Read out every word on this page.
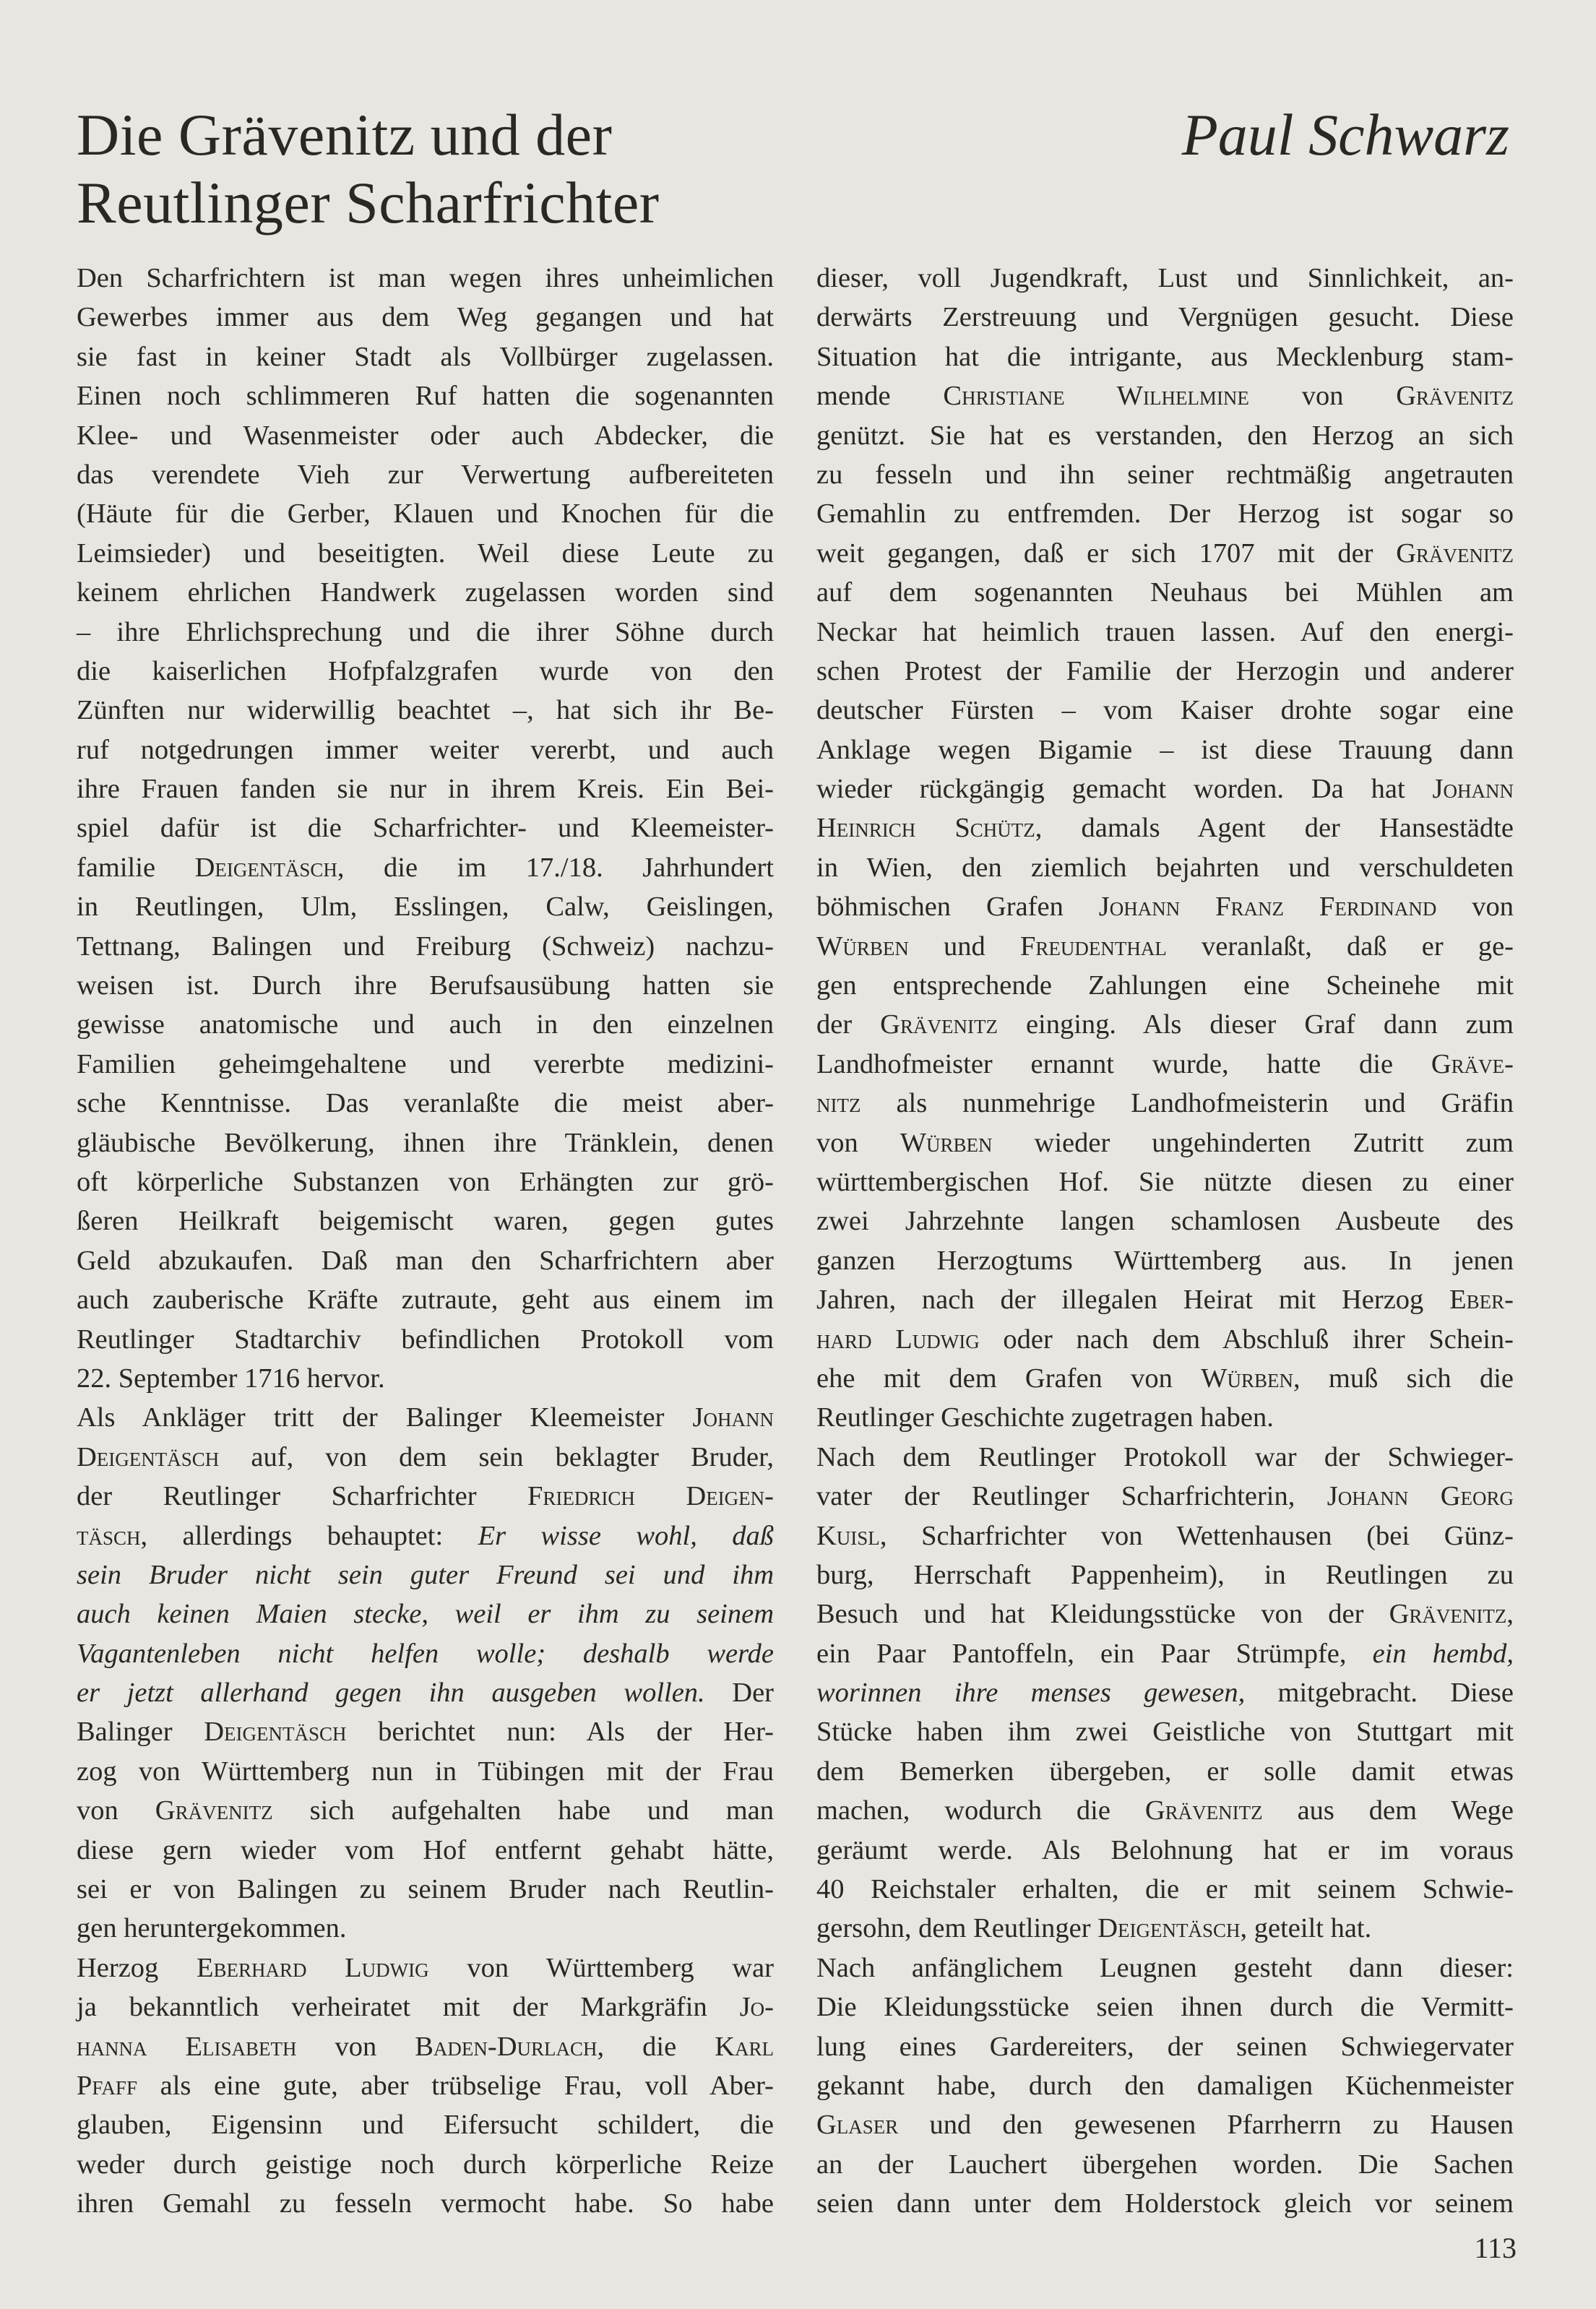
Die Grävenitz und der
Reutlinger Scharfrichter
Paul Schwarz

Den Scharfrichtern ist man wegen ihres unheimlichen

Gewerbes immer aus dem Weg gegangen und hat

sie fast in keiner Stadt als Vollbürger zugelassen.

Einen noch schlimmeren Ruf hatten die sogenannten

Klee- und Wasenmeister oder auch Abdecker, die

das verendete Vieh zur Verwertung aufbereiteten

(Häute für die Gerber, Klauen und Knochen für die

Leimsieder) und beseitigten. Weil diese Leute zu

keinem ehrlichen Handwerk zugelassen worden sind

– ihre Ehrlichsprechung und die ihrer Söhne durch

die kaiserlichen Hofpfalzgrafen wurde von den

Zünften nur widerwillig beachtet –, hat sich ihr Be-

ruf notgedrungen immer weiter vererbt, und auch

ihre Frauen fanden sie nur in ihrem Kreis. Ein Bei-

spiel dafür ist die Scharfrichter- und Kleemeister-

familie Deigentäsch, die im 17./18. Jahrhundert

in Reutlingen, Ulm, Esslingen, Calw, Geislingen,

Tettnang, Balingen und Freiburg (Schweiz) nachzu-

weisen ist. Durch ihre Berufsausübung hatten sie

gewisse anatomische und auch in den einzelnen

Familien geheimgehaltene und vererbte medizini-

sche Kenntnisse. Das veranlaßte die meist aber-

gläubische Bevölkerung, ihnen ihre Tränklein, denen

oft körperliche Substanzen von Erhängten zur grö-

ßeren Heilkraft beigemischt waren, gegen gutes

Geld abzukaufen. Daß man den Scharfrichtern aber

auch zauberische Kräfte zutraute, geht aus einem im

Reutlinger Stadtarchiv befindlichen Protokoll vom

22. September 1716 hervor.

Als Ankläger tritt der Balinger Kleemeister Johann

Deigentäsch auf, von dem sein beklagter Bruder,

der Reutlinger Scharfrichter Friedrich Deigen-

täsch, allerdings behauptet: Er wisse wohl, daß

sein Bruder nicht sein guter Freund sei und ihm

auch keinen Maien stecke, weil er ihm zu seinem

Vagantenleben nicht helfen wolle; deshalb werde

er jetzt allerhand gegen ihn ausgeben wollen. Der

Balinger Deigentäsch berichtet nun: Als der Her-

zog von Württemberg nun in Tübingen mit der Frau

von Grävenitz sich aufgehalten habe und man

diese gern wieder vom Hof entfernt gehabt hätte,

sei er von Balingen zu seinem Bruder nach Reutlin-

gen heruntergekommen.

Herzog Eberhard Ludwig von Württemberg war

ja bekanntlich verheiratet mit der Markgräfin Jo-

hanna Elisabeth von Baden-Durlach, die Karl

Pfaff als eine gute, aber trübselige Frau, voll Aber-

glauben, Eigensinn und Eifersucht schildert, die

weder durch geistige noch durch körperliche Reize

ihren Gemahl zu fesseln vermocht habe. So habe

dieser, voll Jugendkraft, Lust und Sinnlichkeit, an-

derwärts Zerstreuung und Vergnügen gesucht. Diese

Situation hat die intrigante, aus Mecklenburg stam-

mende Christiane Wilhelmine von Grävenitz

genützt. Sie hat es verstanden, den Herzog an sich

zu fesseln und ihn seiner rechtmäßig angetrauten

Gemahlin zu entfremden. Der Herzog ist sogar so

weit gegangen, daß er sich 1707 mit der Grävenitz

auf dem sogenannten Neuhaus bei Mühlen am

Neckar hat heimlich trauen lassen. Auf den energi-

schen Protest der Familie der Herzogin und anderer

deutscher Fürsten – vom Kaiser drohte sogar eine

Anklage wegen Bigamie – ist diese Trauung dann

wieder rückgängig gemacht worden. Da hat Johann

Heinrich Schütz, damals Agent der Hansestädte

in Wien, den ziemlich bejahrten und verschuldeten

böhmischen Grafen Johann Franz Ferdinand von

Würben und Freudenthal veranlaßt, daß er ge-

gen entsprechende Zahlungen eine Scheinehe mit

der Grävenitz einging. Als dieser Graf dann zum

Landhofmeister ernannt wurde, hatte die Gräve-

nitz als nunmehrige Landhofmeisterin und Gräfin

von Würben wieder ungehinderten Zutritt zum

württembergischen Hof. Sie nützte diesen zu einer

zwei Jahrzehnte langen schamlosen Ausbeute des

ganzen Herzogtums Württemberg aus. In jenen

Jahren, nach der illegalen Heirat mit Herzog Eber-

hard Ludwig oder nach dem Abschluß ihrer Schein-

ehe mit dem Grafen von Würben, muß sich die

Reutlinger Geschichte zugetragen haben.

Nach dem Reutlinger Protokoll war der Schwieger-

vater der Reutlinger Scharfrichterin, Johann Georg

Kuisl, Scharfrichter von Wettenhausen (bei Günz-

burg, Herrschaft Pappenheim), in Reutlingen zu

Besuch und hat Kleidungsstücke von der Grävenitz,

ein Paar Pantoffeln, ein Paar Strümpfe, ein hembd,

worinnen ihre menses gewesen, mitgebracht. Diese

Stücke haben ihm zwei Geistliche von Stuttgart mit

dem Bemerken übergeben, er solle damit etwas

machen, wodurch die Grävenitz aus dem Wege

geräumt werde. Als Belohnung hat er im voraus

40 Reichstaler erhalten, die er mit seinem Schwie-

gersohn, dem Reutlinger Deigentäsch, geteilt hat.

Nach anfänglichem Leugnen gesteht dann dieser:

Die Kleidungsstücke seien ihnen durch die Vermitt-

lung eines Gardereiters, der seinen Schwiegervater

gekannt habe, durch den damaligen Küchenmeister

Glaser und den gewesenen Pfarrherrn zu Hausen

an der Lauchert übergehen worden. Die Sachen

seien dann unter dem Holderstock gleich vor seinem

113
